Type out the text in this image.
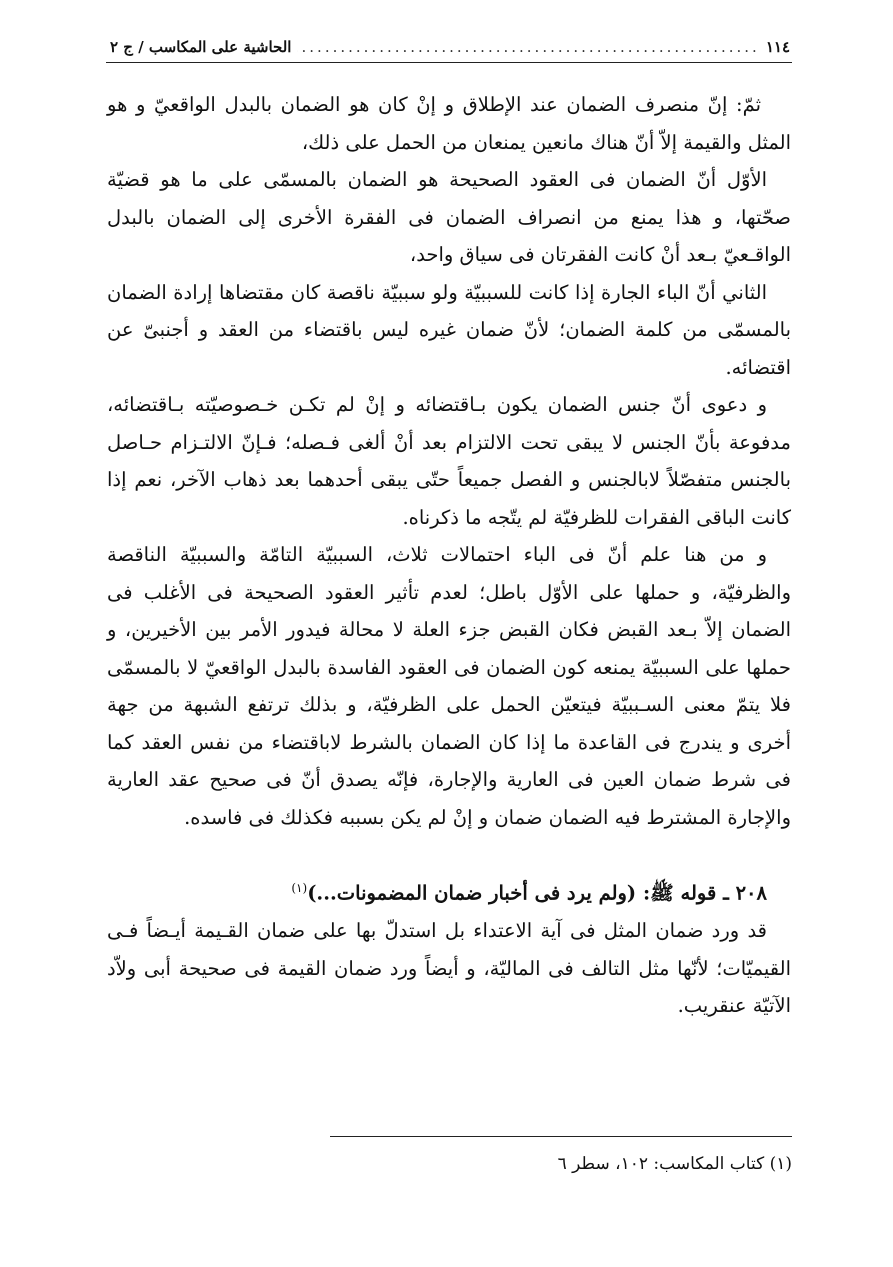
١١٤
.....
الحاشية على المكاسب / ج ٢

ثمّ: إنّ منصرف الضمان عند الإطلاق و إنْ كان هو الضمان بالبدل الواقعيّ و هو المثل والقيمة إلاّ أنّ هناك مانعين يمنعان من الحمل على ذلك،

الأوّل أنّ الضمان فى العقود الصحيحة هو الضمان بالمسمّى على ما هو قضيّة صحّتها، و هذا يمنع من انصراف الضمان فى الفقرة الأخرى إلى الضمان بالبدل الواقـعيّ بـعد أنْ كانت الفقرتان فى سياق واحد،

الثاني أنّ الباء الجارة إذا كانت للسببيّة ولو سببيّة ناقصة كان مقتضاها إرادة الضمان بالمسمّى من كلمة الضمان؛ لأنّ ضمان غيره ليس باقتضاء من العقد و أجنبىّ عن اقتضائه.

و دعوى أنّ جنس الضمان يكون بـاقتضائه و إنْ لم تكـن خـصوصيّته بـاقتضائه، مدفوعة بأنّ الجنس لا يبقى تحت الالتزام بعد أنْ ألغى فـصله؛ فـإنّ الالتـزام حـاصل بالجنس متفصّلاً لابالجنس و الفصل جميعاً حتّى يبقى أحدهما بعد ذهاب الآخر، نعم إذا كانت الباقى الفقرات للظرفيّة لم يتّجه ما ذكرناه.

و من هنا علم أنّ فى الباء احتمالات ثلاث، السببيّة التامّة والسببيّة الناقصة والظرفيّة، و حملها على الأوّل باطل؛ لعدم تأثير العقود الصحيحة فى الأغلب فى الضمان إلاّ بـعد القبض فكان القبض جزء العلة لا محالة فيدور الأمر بين الأخيرين، و حملها على السببيّة يمنعه كون الضمان فى العقود الفاسدة بالبدل الواقعيّ لا بالمسمّى فلا يتمّ معنى السـببيّة فيتعيّن الحمل على الظرفيّة، و بذلك ترتفع الشبهة من جهة أخرى و يندرج فى القاعدة ما إذا كان الضمان بالشرط لاباقتضاء من نفس العقد كما فى شرط ضمان العين فى العارية والإجارة، فإنّه يصدق أنّ فى صحيح عقد العارية والإجارة المشترط فيه الضمان ضمان و إنْ لم يكن بسببه فكذلك فى فاسده.

٢٠٨ ـ قوله ﷺ: (ولم يرد فى أخبار ضمان المضمونات...)$^{(١)}$

قد ورد ضمان المثل فى آية الاعتداء بل استدلّ بها على ضمان القـيمة أيـضاً فـى القيميّات؛ لأنّها مثل التالف فى الماليّة، و أيضاً ورد ضمان القيمة فى صحيحة أبى ولاّد الآتيّة عنقريب.

(١) كتاب المكاسب: ١٠٢، سطر ٦
